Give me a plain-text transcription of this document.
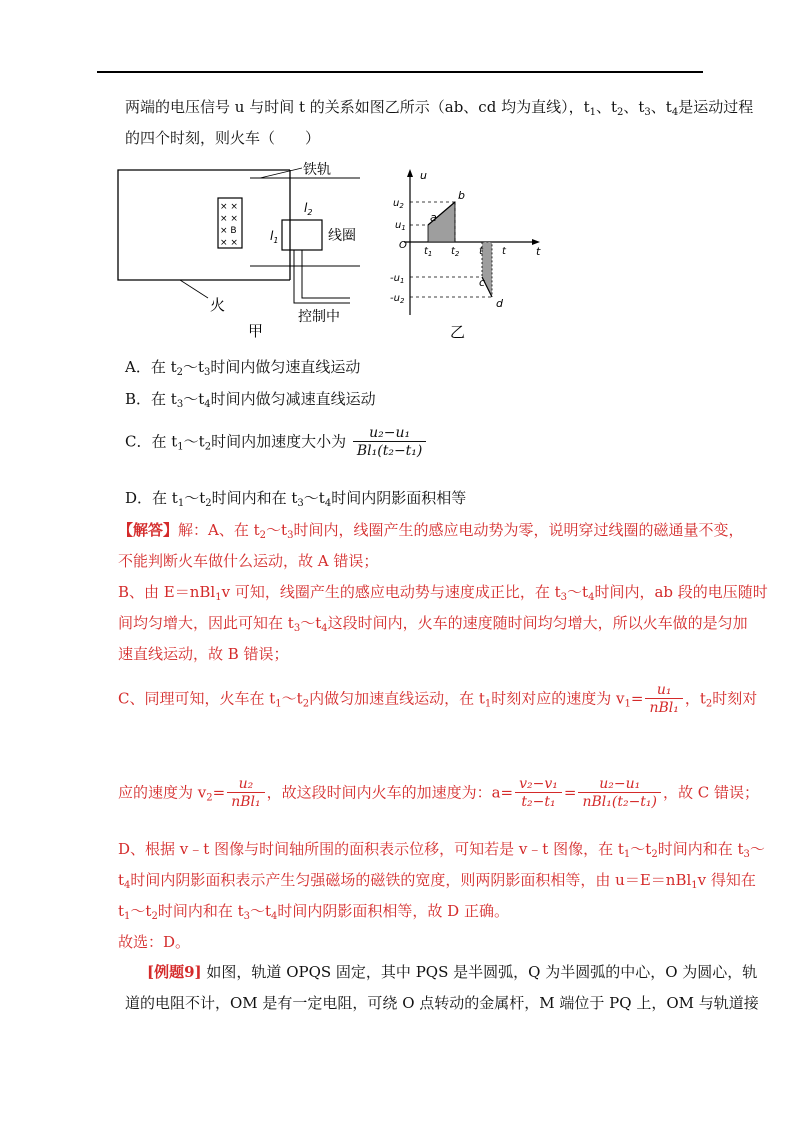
两端的电压信号 u 与时间 t 的关系如图乙所示（ab、cd 均为直线），$t_1$、$t_2$、$t_3$、$t_4$是运动过程
的四个时刻，则火车（　　）
铁轨
× ×
× ×
× B
× ×
$l_2$
$l_1$	线圈
控制中
火
甲
u
t
O
$u_2$
$u_1$
$-u_1$
$-u_2$
a
b
c
d
$t_1$ $t_2$ t t
乙
A．在 $t_2\sim t_3$时间内做匀速直线运动
B．在 $t_3\sim t_4$时间内做匀减速直线运动
C．在 $t_1\sim t_2$时间内加速度大小为 $\frac{\text{u₂−u₁}}{\text{Bl₁(t₂−t₁)}}$
D．在 $t_1\sim t_2$时间内和在 $t_3\sim t_4$时间内阴影面积相等
【解答】解：A、在 $t_2\sim t_3$时间内，线圈产生的感应电动势为零，说明穿过线圈的磁通量不变，
不能判断火车做什么运动，故 A 错误；
B、由 E＝nBl$_1$v 可知，线圈产生的感应电动势与速度成正比，在 $t_3\sim t_4$时间内，ab 段的电压随时
间均匀增大，因此可知在 $t_3\sim t_4$这段时间内，火车的速度随时间均匀增大，所以火车做的是匀加
速直线运动，故 B 错误；
C、同理可知，火车在 $t_1\sim t_2$内做匀加速直线运动，在 $t_1$时刻对应的速度为 $v_1= \frac{\text{u₁}}{\text{nBl₁}}$ ，$t_2$时刻对
应的速度为 $v_2= \frac{\text{u₂}}{\text{nBl₁}}$ ，故这段时间内火车的加速度为：$a= \frac{\text{v₂−v₁}}{\text{t₂−t₁}} = \frac{\text{u₂−u₁}}{\text{nBl₁(t₂−t₁)}}$ ，故 C 错误；
D、根据 v﹣t 图像与时间轴所围的面积表示位移，可知若是 v﹣t 图像，在 $t_1\sim t_2$时间内和在 $t_3\sim$
$t_4$时间内阴影面积表示产生匀强磁场的磁铁的宽度，则两阴影面积相等，由 u＝E＝nBl$_1$v 得知在
$t_1\sim t_2$时间内和在 $t_3\sim t_4$时间内阴影面积相等，故 D 正确。
故选：D。
[例题9] 如图，轨道 OPQS 固定，其中 PQS 是半圆弧，Q 为半圆弧的中心，O 为圆心，轨
道的电阻不计，OM 是有一定电阻，可绕 O 点转动的金属杆，M 端位于 PQ 上，OM 与轨道接
